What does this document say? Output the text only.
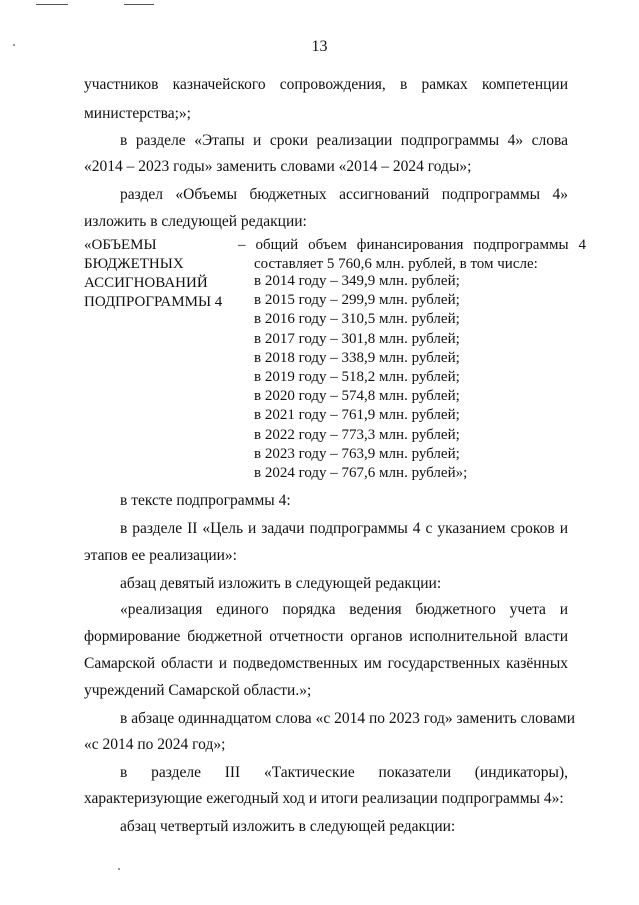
13
участников казначейского сопровождения, в рамках компетенции
министерства;»;
в разделе «Этапы и сроки реализации подпрограммы 4» слова
«2014 – 2023 годы» заменить словами «2014 – 2024 годы»;
раздел «Объемы бюджетных ассигнований подпрограммы 4»
изложить в следующей редакции:
«ОБЪЕМЫ
БЮДЖЕТНЫХ
АССИГНОВАНИЙ
ПОДПРОГРАММЫ 4
– общий объем финансирования подпрограммы 4
составляет 5 760,6 млн. рублей, в том числе:
в 2014 году – 349,9 млн. рублей;
в 2015 году – 299,9 млн. рублей;
в 2016 году – 310,5 млн. рублей;
в 2017 году – 301,8 млн. рублей;
в 2018 году – 338,9 млн. рублей;
в 2019 году – 518,2 млн. рублей;
в 2020 году – 574,8 млн. рублей;
в 2021 году – 761,9 млн. рублей;
в 2022 году – 773,3 млн. рублей;
в 2023 году – 763,9 млн. рублей;
в 2024 году – 767,6 млн. рублей»;
в тексте подпрограммы 4:
в разделе II «Цель и задачи подпрограммы 4 с указанием сроков и
этапов ее реализации»:
абзац девятый изложить в следующей редакции:
«реализация единого порядка ведения бюджетного учета и
формирование бюджетной отчетности органов исполнительной власти
Самарской области и подведомственных им государственных казённых
учреждений Самарской области.»;
в абзаце одиннадцатом слова «с 2014 по 2023 год» заменить словами
«с 2014 по 2024 год»;
в разделе III «Тактические показатели (индикаторы),
характеризующие ежегодный ход и итоги реализации подпрограммы 4»:
абзац четвертый изложить в следующей редакции:
